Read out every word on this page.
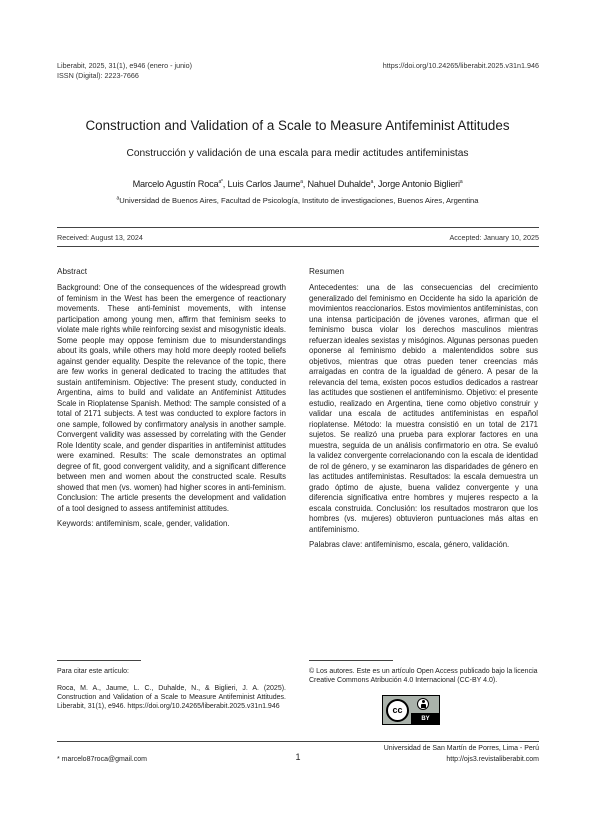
Liberabit, 2025, 31(1), e946 (enero - junio)
ISSN (Digital): 2223-7666
https://doi.org/10.24265/liberabit.2025.v31n1.946
Construction and Validation of a Scale to Measure Antifeminist Attitudes
Construcción y validación de una escala para medir actitudes antifeministas
Marcelo Agustín Roca$^{a*}$, Luis Carlos Jaume$^a$, Nahuel Duhalde$^a$, Jorge Antonio Biglieri$^a$
$^a$Universidad de Buenos Aires, Facultad de Psicología, Instituto de investigaciones, Buenos Aires, Argentina
Received: August 13, 2024	Accepted: January 10, 2025
Abstract

Background: One of the consequences of the widespread growth of feminism in the West has been the emergence of reactionary movements. These anti-feminist movements, with intense participation among young men, affirm that feminism seeks to violate male rights while reinforcing sexist and misogynistic ideals. Some people may oppose feminism due to misunderstandings about its goals, while others may hold more deeply rooted beliefs against gender equality. Despite the relevance of the topic, there are few works in general dedicated to tracing the attitudes that sustain antifeminism. Objective: The present study, conducted in Argentina, aims to build and validate an Antifeminist Attitudes Scale in Rioplatense Spanish. Method: The sample consisted of a total of 2171 subjects. A test was conducted to explore factors in one sample, followed by confirmatory analysis in another sample. Convergent validity was assessed by correlating with the Gender Role Identity scale, and gender disparities in antifeminist attitudes were examined. Results: The scale demonstrates an optimal degree of fit, good convergent validity, and a significant difference between men and women about the constructed scale. Results showed that men (vs. women) had higher scores in anti-feminism. Conclusion: The article presents the development and validation of a tool designed to assess antifeminist attitudes.

Keywords: antifeminism, scale, gender, validation.

Resumen

Antecedentes: una de las consecuencias del crecimiento generalizado del feminismo en Occidente ha sido la aparición de movimientos reaccionarios. Estos movimientos antifeministas, con una intensa participación de jóvenes varones, afirman que el feminismo busca violar los derechos masculinos mientras refuerzan ideales sexistas y misóginos. Algunas personas pueden oponerse al feminismo debido a malentendidos sobre sus objetivos, mientras que otras pueden tener creencias más arraigadas en contra de la igualdad de género. A pesar de la relevancia del tema, existen pocos estudios dedicados a rastrear las actitudes que sostienen el antifeminismo. Objetivo: el presente estudio, realizado en Argentina, tiene como objetivo construir y validar una escala de actitudes antifeministas en español rioplatense. Método: la muestra consistió en un total de 2171 sujetos. Se realizó una prueba para explorar factores en una muestra, seguida de un análisis confirmatorio en otra. Se evaluó la validez convergente correlacionando con la escala de identidad de rol de género, y se examinaron las disparidades de género en las actitudes antifeministas. Resultados: la escala demuestra un grado óptimo de ajuste, buena validez convergente y una diferencia significativa entre hombres y mujeres respecto a la escala construida. Conclusión: los resultados mostraron que los hombres (vs. mujeres) obtuvieron puntuaciones más altas en antifeminismo.

Palabras clave: antifeminismo, escala, género, validación.

Para citar este artículo:
Roca, M. A., Jaume, L. C., Duhalde, N., & Biglieri, J. A. (2025). Construction and Validation of a Scale to Measure Antifeminist Attitudes. Liberabit, 31(1), e946. https://doi.org/10.24265/liberabit.2025.v31n1.946
© Los autores. Este es un artículo Open Access publicado bajo la licencia Creative Commons Atribución 4.0 Internacional (CC-BY 4.0).
cc
BY
* marcelo87roca@gmail.com	1
Universidad de San Martín de Porres, Lima - Perú
http://ojs3.revistaliberabit.com
